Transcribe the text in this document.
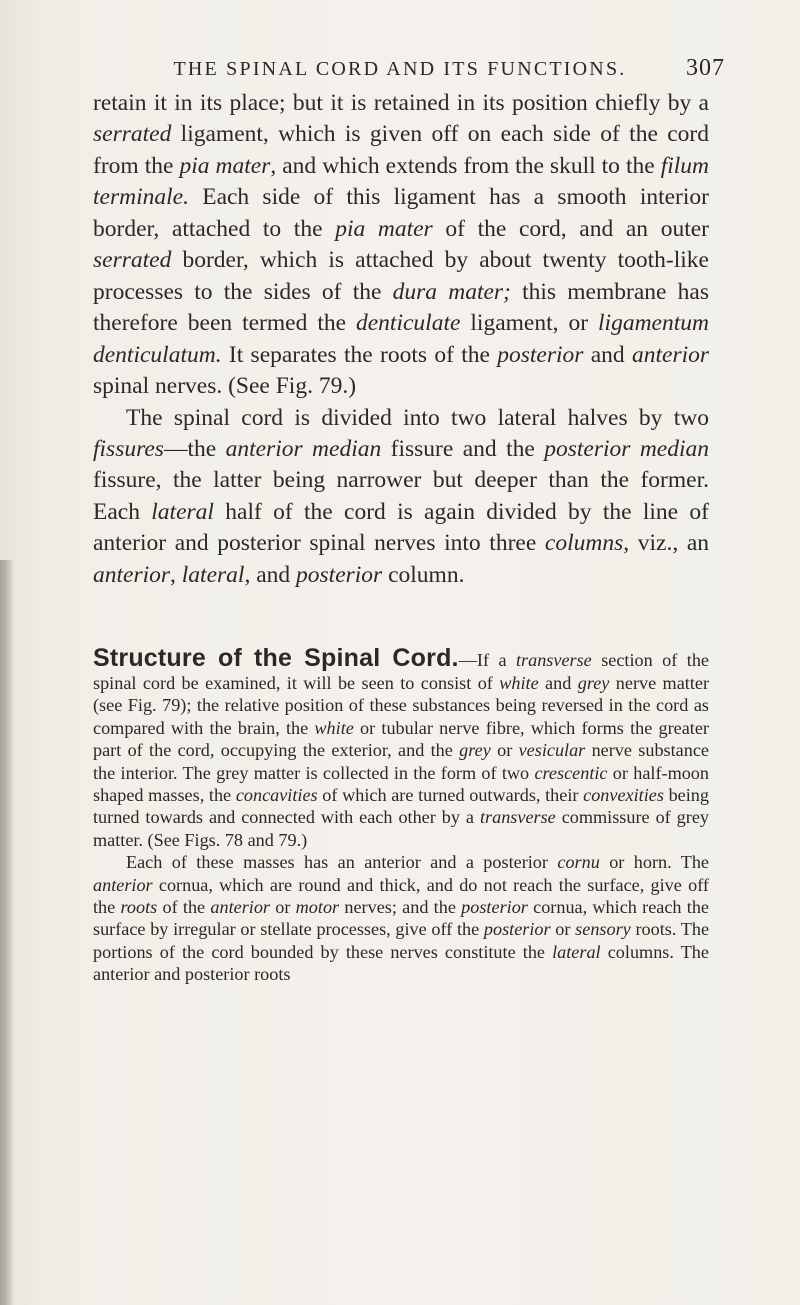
THE SPINAL CORD AND ITS FUNCTIONS.	307

retain it in its place; but it is retained in its position chiefly by a serrated ligament, which is given off on each side of the cord from the pia mater, and which extends from the skull to the filum terminale. Each side of this ligament has a smooth interior border, attached to the pia mater of the cord, and an outer serrated border, which is attached by about twenty tooth-like processes to the sides of the dura mater; this membrane has therefore been termed the denticulate ligament, or ligamentum denticulatum. It separates the roots of the posterior and anterior spinal nerves. (See Fig. 79.)

The spinal cord is divided into two lateral halves by two fissures—the anterior median fissure and the posterior median fissure, the latter being narrower but deeper than the former. Each lateral half of the cord is again divided by the line of anterior and posterior spinal nerves into three columns, viz., an anterior, lateral, and posterior column.

Structure of the Spinal Cord.—If a transverse section of the spinal cord be examined, it will be seen to consist of white and grey nerve matter (see Fig. 79); the relative position of these substances being reversed in the cord as compared with the brain, the white or tubular nerve fibre, which forms the greater part of the cord, occupying the exterior, and the grey or vesicular nerve substance the interior. The grey matter is collected in the form of two crescentic or half-moon shaped masses, the concavities of which are turned outwards, their convexities being turned towards and connected with each other by a transverse commissure of grey matter. (See Figs. 78 and 79.)

Each of these masses has an anterior and a posterior cornu or horn. The anterior cornua, which are round and thick, and do not reach the surface, give off the roots of the anterior or motor nerves; and the posterior cornua, which reach the surface by irregular or stellate processes, give off the posterior or sensory roots. The portions of the cord bounded by these nerves constitute the lateral columns. The anterior and posterior roots
